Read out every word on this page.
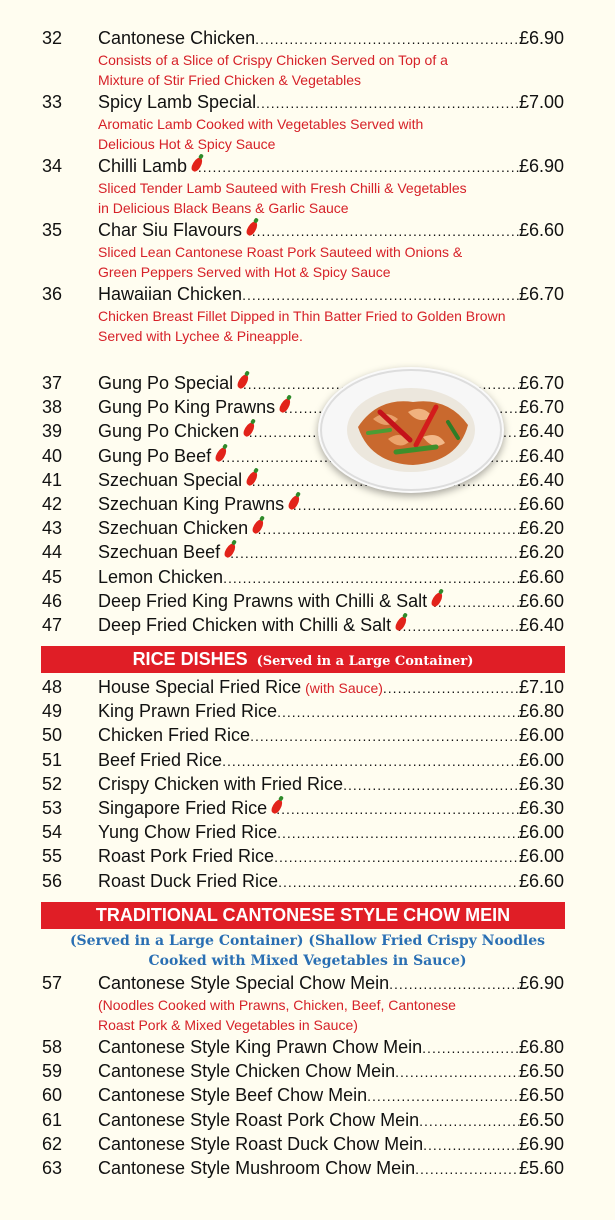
63 Cantonese Style Mushroom Chow Mein .....	£5.60
62 Cantonese Style Roast Duck Chow Mein .....	£6.90
61 Cantonese Style Roast Pork Chow Mein .....	£6.50
60 Cantonese Style Beef Chow Mein .....	£6.50
59 Cantonese Style Chicken Chow Mein .....	£6.50
58 Cantonese Style King Prawn Chow Mein .....	£6.80
57 Cantonese Style Special Chow Mein .....	£6.90
(Noodles Cooked with Prawns, Chicken, Beef, Cantonese
Roast Pork & Mixed Vegetables in Sauce)
56 Roast Duck Fried Rice .....	£6.60
55 Roast Pork Fried Rice .....	£6.00
54 Yung Chow Fried Rice .....	£6.00
53 Singapore Fried Rice .....	£6.30
52 Crispy Chicken with Fried Rice .....	£6.30
51 Beef Fried Rice .....	£6.00
50 Chicken Fried Rice .....	£6.00
49 King Prawn Fried Rice .....	£6.80
48 House Special Fried Rice (with Sauce) .....	£7.10
47 Deep Fried Chicken with Chilli & Salt .....	£6.40
46 Deep Fried King Prawns with Chilli & Salt .....	£6.60
45 Lemon Chicken .....	£6.60
44 Szechuan Beef .....	£6.20
43 Szechuan Chicken .....	£6.20
42 Szechuan King Prawns .....	£6.60
41 Szechuan Special .....	£6.40
40 Gung Po Beef .....	£6.40
39 Gung Po Chicken .....	£6.40
38 Gung Po King Prawns .....	£6.70
37 Gung Po Special .....	£6.70
36 Hawaiian Chicken .....	£6.70
Chicken Breast Fillet Dipped in Thin Batter Fried to Golden Brown
Served with Lychee & Pineapple.
35 Char Siu Flavours .....	£6.60
Sliced Lean Cantonese Roast Pork Sauteed with Onions &
Green Peppers Served with Hot & Spicy Sauce
34 Chilli Lamb .....	£6.90
Sliced Tender Lamb Sauteed with Fresh Chilli & Vegetables
in Delicious Black Beans & Garlic Sauce
33 Spicy Lamb Special .....	£7.00
Aromatic Lamb Cooked with Vegetables Served with
Delicious Hot & Spicy Sauce
32 Cantonese Chicken .....	£6.90
Consists of a Slice of Crispy Chicken Served on Top of a
Mixture of Stir Fried Chicken & Vegetables
RICE DISHES (Served in a Large Container)
TRADITIONAL CANTONESE STYLE CHOW MEIN
(Served in a Large Container) (Shallow Fried Crispy Noodles
Cooked with Mixed Vegetables in Sauce)
